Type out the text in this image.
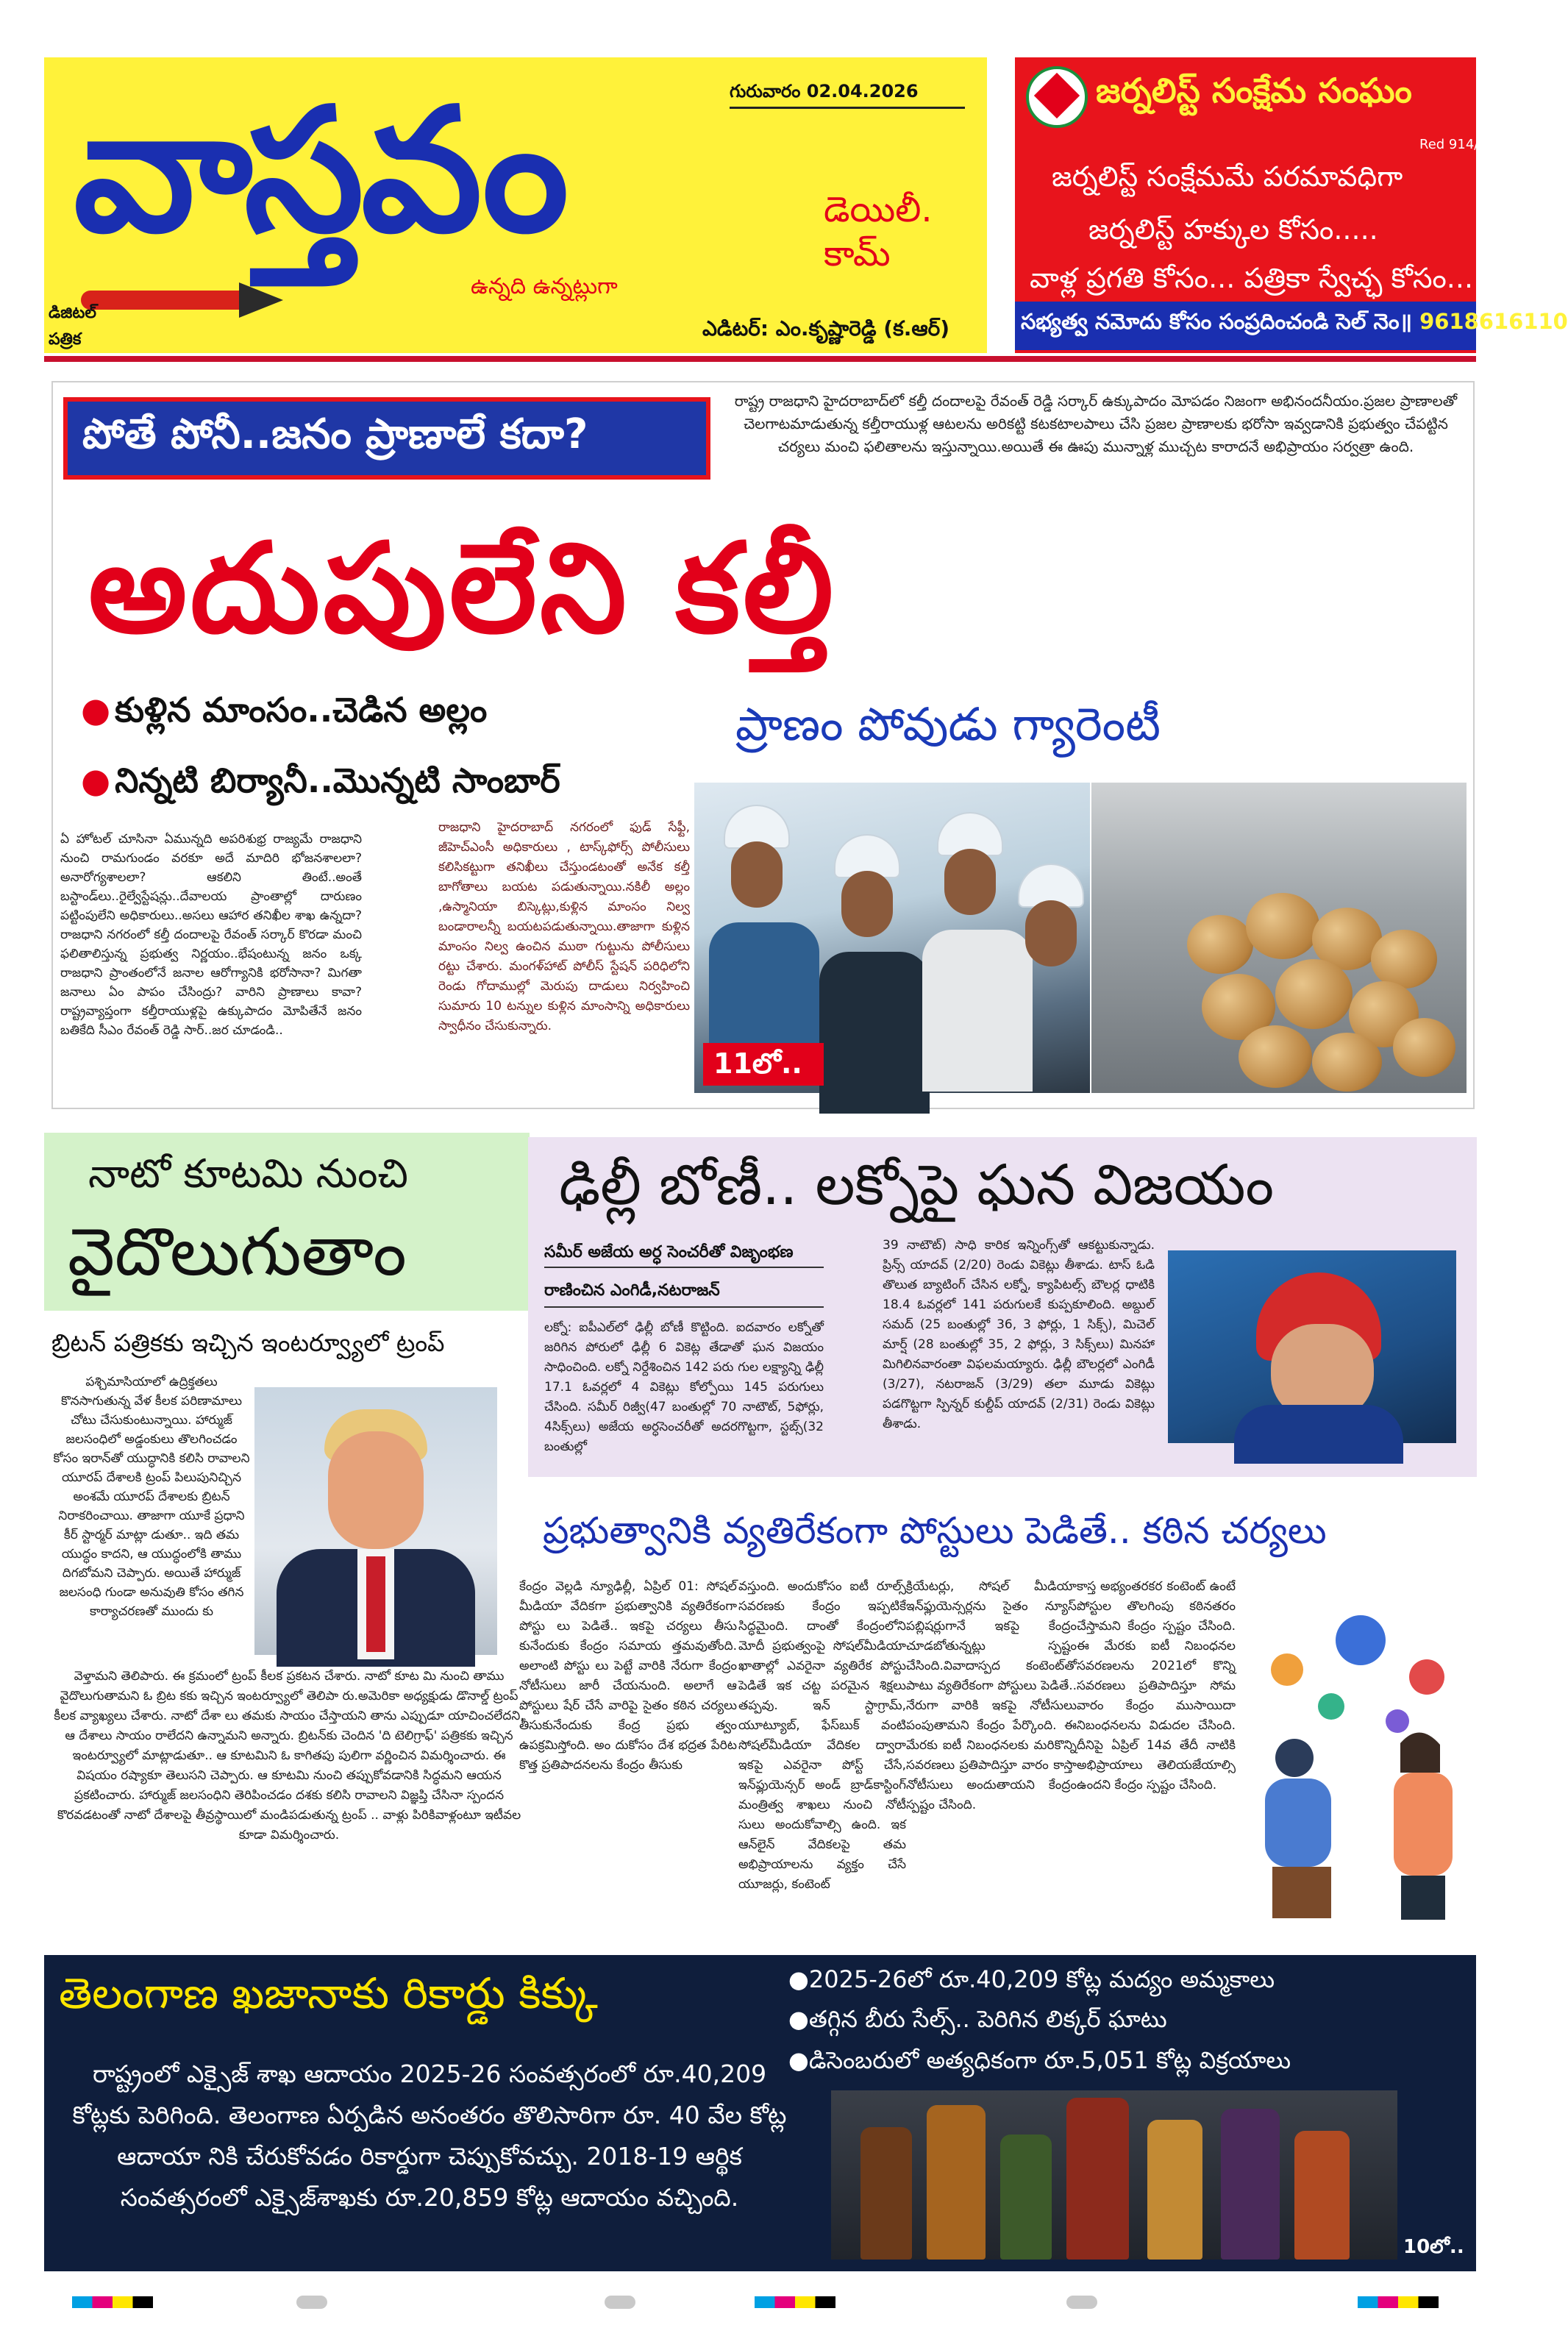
వాస్తవం	గురువారం 02.04.2026
డెయిలీ. కామ్
ఉన్నది ఉన్నట్లుగా
డిజిటల్ పత్రిక	ఎడిటర్: ఎం.కృష్ణారెడ్డి (క.ఆర్)
జర్నలిస్ట్ సంక్షేమ సంఘం
Red 914/2015
జర్నలిస్ట్ సంక్షేమమే పరమావధిగా
జర్నలిస్ట్ హక్కుల కోసం.....
వాళ్ల ప్రగతి కోసం... పత్రికా స్వేచ్ఛ కోసం...
సభ్యత్వ నమోదు కోసం సంప్రదించండి సెల్ నెం॥ 9618616110
పోతే పోనీ..జనం ప్రాణాలే కదా?
రాష్ట్ర రాజధాని హైదరాబాద్‌లో కల్తీ దందాలపై రేవంత్ రెడ్డి సర్కార్ ఉక్కుపాదం మోపడం నిజంగా అభినందనీయం.ప్రజల ప్రాణాలతో చెలగాటమాడుతున్న కల్తీరాయుళ్ల ఆటలను అరికట్టి కటకటాలపాలు చేసి ప్రజల ప్రాణాలకు భరోసా ఇవ్వడానికి ప్రభుత్వం చేపట్టిన చర్యలు మంచి ఫలితాలను ఇస్తున్నాయి.అయితే ఈ ఊపు మున్నాళ్ల ముచ్చట కారాదనే అభిప్రాయం సర్వత్రా ఉంది.
అదుపులేని కల్తీ
ప్రాణం పోవుడు గ్యారెంటీ
● కుళ్లిన మాంసం..చెడిన అల్లం
● నిన్నటి బిర్యానీ..మొన్నటి సాంబార్
ఏ హోటల్ చూసినా ఏమున్నది అపరిశుభ్ర రాజ్యమే రాజధాని నుంచి రామగుండం వరకూ అదే మాదిరి భోజనశాలలా? అనారోగ్యశాలలా? ఆకలిని తింటే..అంతే బస్టాండ్‌లు..రైల్వేస్టేషన్లు..దేవాలయ ప్రాంతాల్లో దారుణం పట్టింపులేని అధికారులు..అసలు ఆహార తనిఖీల శాఖ ఉన్నదా? రాజధాని నగరంలో కల్తీ దందాలపై రేవంత్ సర్కార్ కొరడా మంచి ఫలితాలిస్తున్న ప్రభుత్వ నిర్ణయం..భేషంటున్న జనం ఒక్క రాజధాని ప్రాంతంలోనే జనాల ఆరోగ్యానికి భరోసానా? మిగతా జనాలు ఏం పాపం చేసింద్రు? వారిని ప్రాణాలు కావా? రాష్ట్రవ్యాప్తంగా కల్తీరాయుళ్లపై ఉక్కుపాదం మోపితేనే జనం బతికేది సీఎం రేవంత్ రెడ్డి సార్..జర చూడండి..
రాజధాని హైదరాబాద్ నగరంలో ఫుడ్ సేఫ్టీ, జీహెచ్ఎంసీ అధికారులు , టాస్క్‌ఫోర్స్ పోలీసులు కలిసికట్టుగా తనిఖీలు చేస్తుండటంతో అనేక కల్తీ బాగోతాలు బయట పడుతున్నాయి.నకిలీ అల్లం ,ఉస్మానియా బిస్కెట్లు,కుళ్లిన మాంసం నిల్వ బండారాలన్నీ బయటపడుతున్నాయి.తాజాగా కుళ్లిన మాంసం నిల్వ ఉంచిన ముఠా గుట్టును పోలీసులు రట్టు చేశారు. మంగళ్‌హాట్ పోలీస్ స్టేషన్ పరిధిలోని రెండు గోదాముల్లో మెరుపు దాడులు నిర్వహించి సుమారు 10 టన్నుల కుళ్లిన మాంసాన్ని అధికారులు స్వాధీనం చేసుకున్నారు.
11లో..
నాటో కూటమి నుంచి
వైదొలుగుతాం
బ్రిటన్ పత్రికకు ఇచ్చిన ఇంటర్వ్యూలో ట్రంప్
పశ్చిమాసియాలో ఉద్రిక్తతలు కొనసాగుతున్న వేళ కీలక పరిణామాలు చోటు చేసుకుంటున్నాయి. హార్ముజ్ జలసంధిలో అడ్డంకులు తొలగించడం కోసం ఇరాన్‌తో యుద్ధానికి కలిసి రావాలని యూరప్ దేశాలకి ట్రంప్ పిలుపునిచ్చిన అంశమే యూరప్ దేశాలకు బ్రిటన్ నిరాకరించాయి. తాజాగా యూకే ప్రధాని కీర్ స్టార్మర్ మాట్లా డుతూ.. ఇది తమ యుద్ధం కాదని, ఆ యుద్ధంలోకి తాము దిగబోమని చెప్పారు. అయితే హార్ముజ్ జలసంధి గుండా అనువుతి కోసం తగిన కార్యాచరణతో ముందు కు
వెళ్తామని తెలిపారు. ఈ క్రమంలో ట్రంప్ కీలక ప్రకటన చేశారు. నాటో కూట మి నుంచి తాము వైదొలుగుతామని ఓ బ్రిట కకు ఇచ్చిన ఇంటర్వ్యూలో తెలిపా రు.అమెరికా అధ్యక్షుడు డొనాల్డ్ ట్రంప్ కీలక వ్యాఖ్యలు చేశారు. నాటో దేశా లు తమకు సాయం చేస్తాయని తాను ఎప్పుడూ యాచించలేదని, ఆ దేశాలు సాయం రాలేదని ఉన్నామని అన్నారు. బ్రిటన్‌కు చెందిన 'ది టెలిగ్రాఫ్' పత్రికకు ఇచ్చిన ఇంటర్వ్యూలో మాట్లాడుతూ.. ఆ కూటమిని ఓ కాగితపు పులిగా వర్ణించిన విమర్శించారు. ఈ విషయం రష్యాకూ తెలుసని చెప్పారు. ఆ కూటమి నుంచి తప్పుకోవడానికి సిద్ధమని ఆయన ప్రకటించారు. హార్ముజ్ జలసంధిని తెరిపించడం దశకు కలిసి రావాలని విజ్ఞప్తి చేసినా స్పందన కొరవడటంతో నాటో దేశాలపై తీవ్రస్థాయిలో మండిపడుతున్న ట్రంప్ .. వాళ్లు పిరికివాళ్లంటూ ఇటీవల కూడా విమర్శించారు.
ఢిల్లీ బోణీ.. లక్నోపై ఘన విజయం
సమీర్ అజేయ అర్ధ సెంచరీతో విజృంభణ
రాణించిన ఎంగిడీ,నటరాజన్
లక్నో: ఐపీఎల్‌లో ఢిల్లీ బోణీ కొట్టింది. ఐదవారం లక్నోతో జరిగిన పోరులో ఢిల్లీ 6 వికెట్ల తేడాతో ఘన విజయం సాధించింది. లక్నో నిర్దేశించిన 142 పరు గుల లక్ష్యాన్ని ఢిల్లీ 17.1 ఓవర్లలో 4 వికెట్లు కోల్పోయి 145 పరుగులు చేసింది. సమీర్ రిజ్వీ(47 బంతుల్లో 70 నాటౌట్, 5ఫోర్లు, 4సిక్స్‌లు) అజేయ అర్ధసెంచరీతో అదరగొట్టగా, స్టబ్స్(32 బంతుల్లో
39 నాటౌట్) సాధి కారిక ఇన్నింగ్స్‌తో ఆకట్టుకున్నాడు. ప్రిన్స్ యాదవ్ (2/20) రెండు వికెట్లు తీశాడు. టాస్ ఓడి తొలుత బ్యాటింగ్ చేసిన లక్నో, క్యాపిటల్స్ బౌలర్ల ధాటికి 18.4 ఓవర్లలో 141 పరుగులకే కుప్పకూలింది. అబ్దుల్ సమద్ (25 బంతుల్లో 36, 3 ఫోర్లు, 1 సిక్స్), మిచెల్ మార్ష్ (28 బంతుల్లో 35, 2 ఫోర్లు, 3 సిక్స్‌లు) మినహా మిగిలినవారంతా విఫలమయ్యారు. ఢిల్లీ బౌలర్లలో ఎంగిడీ (3/27), నటరాజన్ (3/29) తలా మూడు వికెట్లు పడగొట్టగా స్పిన్నర్ కుల్దీప్ యాదవ్ (2/31) రెండు వికెట్లు తీశాడు.
ప్రభుత్వానికి వ్యతిరేకంగా పోస్టులు పెడితే.. కఠిన చర్యలు
కేంద్రం వెల్లడి న్యూఢిల్లీ, ఏప్రిల్ 01: సోషల్ మీడియా వేదికగా ప్రభుత్వానికి వ్యతిరేకంగా పోస్టు లు పెడితే.. ఇకపై చర్యలు తీసు కునేందుకు కేంద్రం సమాయ త్తమవుతోంది. అలాంటి పోస్టు లు పెట్టే వారికి నేరుగా కేంద్రం నోటీసులు జారీ చేయనుంది. అలాగే ఆ పోస్టులు షేర్ చేసే వారిపై సైతం కఠిన చర్యలు తీసుకునేందుకు కేంద్ర ప్రభు త్వం ఉపక్రమిస్తోంది. అం దుకోసం దేశ భద్రత పేరిట కొత్త ప్రతిపాదనలను కేంద్రం తీసుకు
వస్తుంది. అందుకోసం ఐటీ రూల్స్ సవరణకు కేంద్రం ఇప్పటికే సిద్ధమైంది. దాంతో కేంద్రంలోని మోదీ ప్రభుత్వంపై సోషల్‌మీడియా ఖాతాల్లో ఎవరైనా వ్యతిరేక పోస్టు పెడితే ఇక చట్ట పరమైన శిక్షలు తప్పవు. ఇన్ స్టాగ్రామ్, యూట్యూబ్, ఫేస్‌బుక్ వంటి సోషల్‌మీడియా వేదికల ద్వారా ఇకపై ఎవరైనా పోస్ట్ చేసే, ఇన్‌ఫ్లుయెన్సర్ అండ్ బ్రాడ్‌కాస్టింగ్ మంత్రిత్వ శాఖలు నుంచి నోటీ సులు అందుకోవాల్సి ఉంది. ఇక ఆన్‌లైన్ వేదికలపై తమ అభిప్రాయాలను వ్యక్తం చేసే యూజర్లు, కంటెంట్
క్రియేటర్లు, సోషల్ మీడియా ఇన్‌ఫ్లుయెన్సర్లను సైతం న్యూస్ పబ్లిషర్లుగానే ఇకపై కేంద్రం చూడబోతున్నట్లు స్పష్టం చేసింది.వివాదాస్పద కంటెంట్‌తో పాటు వ్యతిరేకంగా పోస్టులు పెడితే.. నేరుగా వారికి ఇకపై నోటీసులు పంపుతామని కేంద్రం పేర్కొంది. ఈ మేరకు ఐటీ నిబంధనలకు మరికొన్ని సవరణలు ప్రతిపాదిస్తూ వారం కాస్తా నోటీసులు అందుతాయని కేంద్రం స్పష్టం చేసింది.
కాస్త అభ్యంతరకర కంటెంట్ ఉంటే పోస్టుల తొలగింపు కఠినతరం చేస్తామని కేంద్రం స్పష్టం చేసింది. ఈ మేరకు ఐటీ నిబంధనల సవరణలను 2021లో కొన్ని సవరణలు ప్రతిపాదిస్తూ సోమ వారం కేంద్రం ముసాయిదా నిబంధనలను విడుదల చేసింది. దీనిపై ఏప్రిల్ 14వ తేదీ నాటికి అభిప్రాయాలు తెలియజేయాల్సి ఉందని కేంద్రం స్పష్టం చేసింది.
తెలంగాణ ఖజానాకు రికార్డు కిక్కు	●2025-26లో రూ.40,209 కోట్ల మద్యం అమ్మకాలు
●తగ్గిన బీరు సేల్స్.. పెరిగిన లిక్కర్ ఘాటు
●డిసెంబరులో అత్యధికంగా రూ.5,051 కోట్ల విక్రయాలు
రాష్ట్రంలో ఎక్సైజ్ శాఖ ఆదాయం 2025-26 సంవత్సరంలో రూ.40,209 కోట్లకు పెరిగింది. తెలంగాణ ఏర్పడిన అనంతరం తొలిసారిగా రూ. 40 వేల కోట్ల ఆదాయా నికి చేరుకోవడం రికార్డుగా చెప్పుకోవచ్చు. 2018-19 ఆర్థిక సంవత్సరంలో ఎక్సైజ్‌శాఖకు రూ.20,859 కోట్ల ఆదాయం వచ్చింది.
10లో..
